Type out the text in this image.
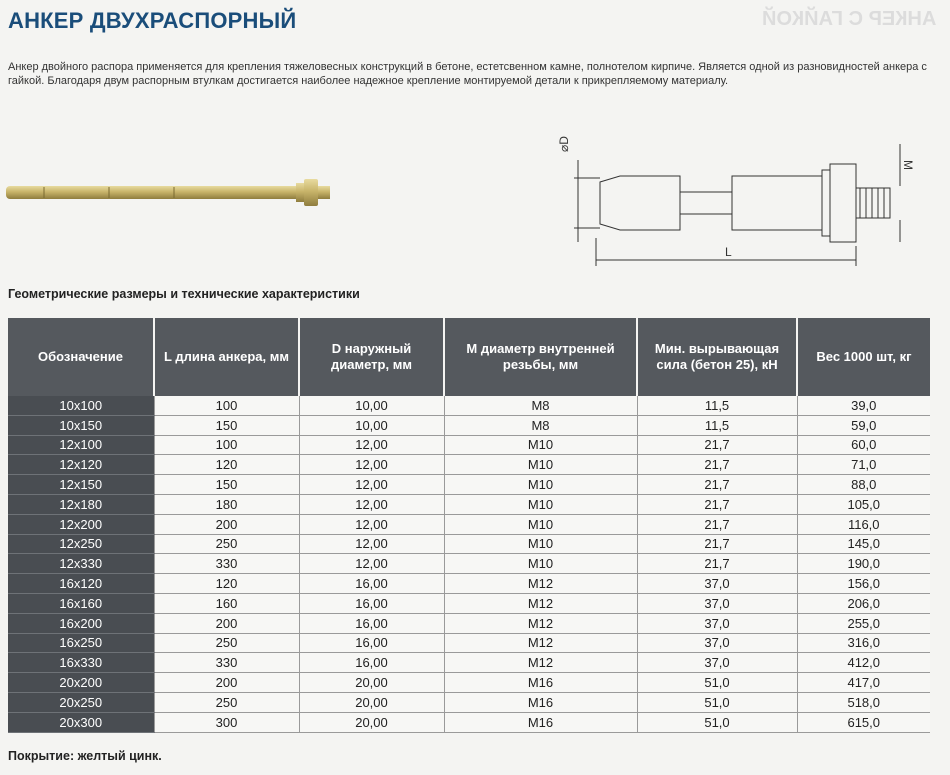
АНКЕР ДВУХРАСПОРНЫЙ	АНКЕР С ГАЙКОЙ
Анкер двойного распора применяется для крепления тяжеловесных конструкций в бетоне, естетсвенном камне, полнотелом кирпиче. Является одной из разновидностей анкера с гайкой. Благодаря двум распорным втулкам достигается наиболее надежное крепление монтируемой детали к прикрепляемому материалу.
⌀D
M
L
Геометрические размеры и технические характеристики
Обозначение	L длина анкера, мм	D наружный диаметр, мм	М диаметр внутренней резьбы, мм	Мин. вырывающая сила (бетон 25), кН	Вес 1000 шт, кг
10x100	100	10,00	M8	11,5	39,0
10x150	150	10,00	M8	11,5	59,0
12x100	100	12,00	M10	21,7	60,0
12x120	120	12,00	M10	21,7	71,0
12x150	150	12,00	M10	21,7	88,0
12x180	180	12,00	M10	21,7	105,0
12x200	200	12,00	M10	21,7	116,0
12x250	250	12,00	M10	21,7	145,0
12x330	330	12,00	M10	21,7	190,0
16x120	120	16,00	M12	37,0	156,0
16x160	160	16,00	M12	37,0	206,0
16x200	200	16,00	M12	37,0	255,0
16x250	250	16,00	M12	37,0	316,0
16x330	330	16,00	M12	37,0	412,0
20x200	200	20,00	M16	51,0	417,0
20x250	250	20,00	M16	51,0	518,0
20x300	300	20,00	M16	51,0	615,0
Покрытие: желтый цинк.
